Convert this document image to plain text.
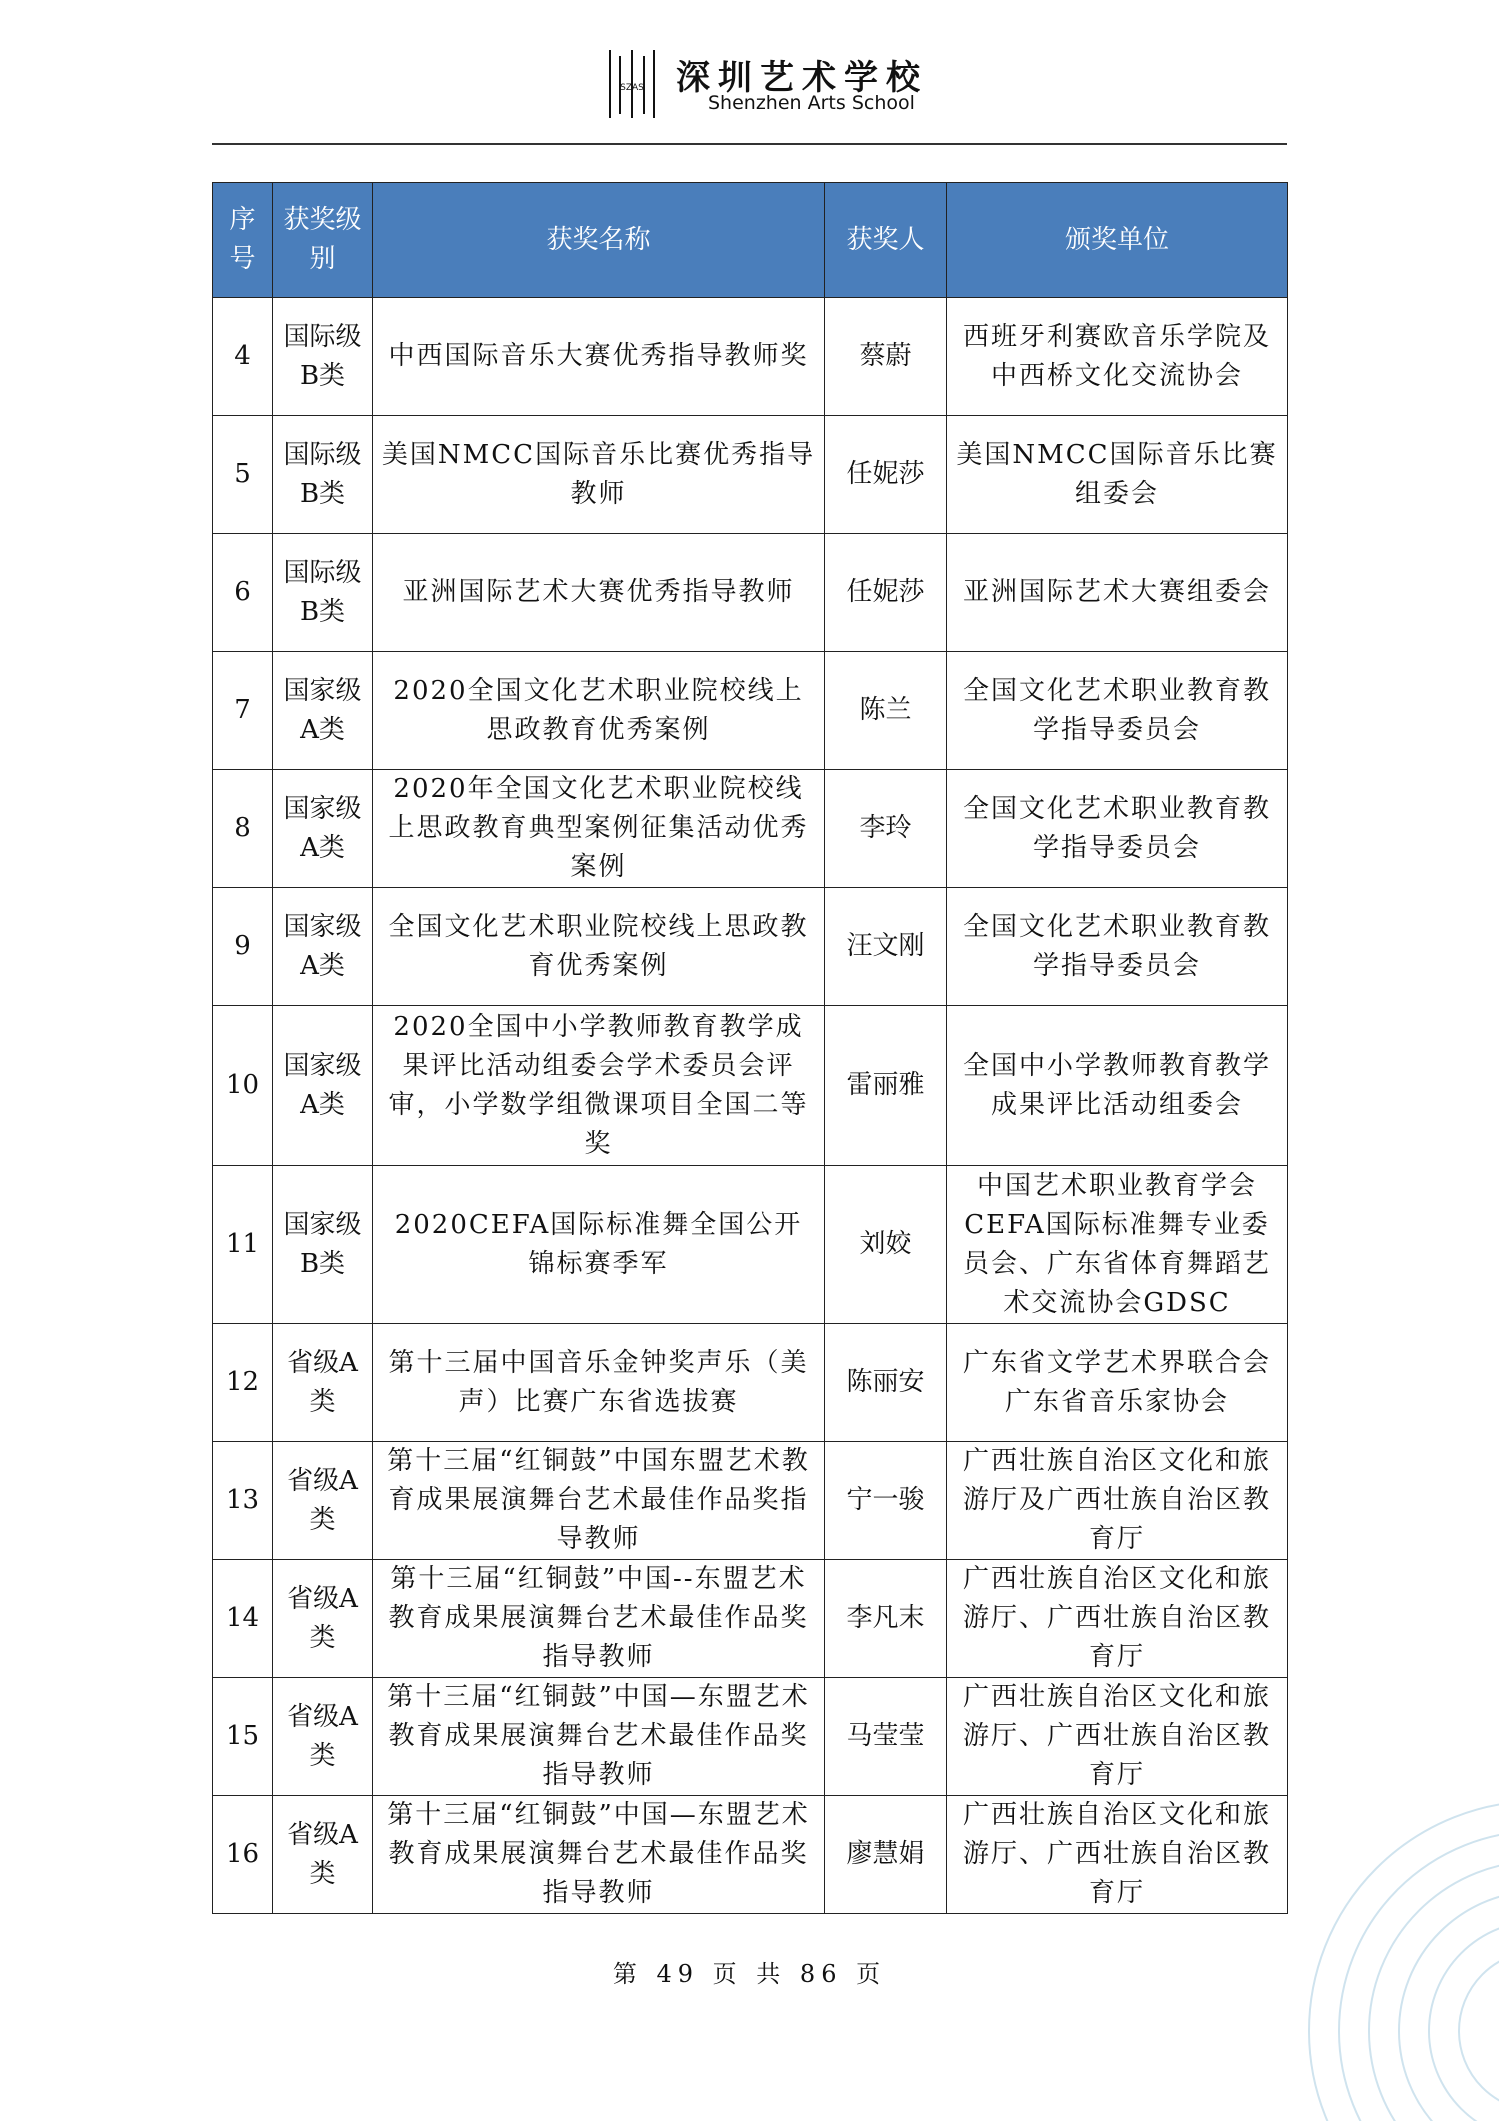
SZAS 深圳艺术学校
Shenzhen Arts School
序号	获奖级别	获奖名称	获奖人	颁奖单位
4	国际级B类	中西国际音乐大赛优秀指导教师奖	蔡蔚	西班牙利赛欧音乐学院及中西桥文化交流协会
5	国际级B类	美国NMCC国际音乐比赛优秀指导教师	任妮莎	美国NMCC国际音乐比赛组委会
6	国际级B类	亚洲国际艺术大赛优秀指导教师	任妮莎	亚洲国际艺术大赛组委会
7	国家级A类	2020全国文化艺术职业院校线上思政教育优秀案例	陈兰	全国文化艺术职业教育教学指导委员会
8	国家级A类	2020年全国文化艺术职业院校线上思政教育典型案例征集活动优秀案例	李玲	全国文化艺术职业教育教学指导委员会
9	国家级A类	全国文化艺术职业院校线上思政教育优秀案例	汪文刚	全国文化艺术职业教育教学指导委员会
10	国家级A类	2020全国中小学教师教育教学成果评比活动组委会学术委员会评审，小学数学组微课项目全国二等奖	雷丽雅	全国中小学教师教育教学成果评比活动组委会
11	国家级B类	2020CEFA国际标准舞全国公开锦标赛季军	刘姣	中国艺术职业教育学会CEFA国际标准舞专业委员会、广东省体育舞蹈艺术交流协会GDSC
12	省级A类	第十三届中国音乐金钟奖声乐（美声）比赛广东省选拔赛	陈丽安	广东省文学艺术界联合会 广东省音乐家协会
13	省级A类	第十三届“红铜鼓”中国东盟艺术教育成果展演舞台艺术最佳作品奖指导教师	宁一骏	广西壮族自治区文化和旅游厅及广西壮族自治区教育厅
14	省级A类	第十三届“红铜鼓”中国--东盟艺术教育成果展演舞台艺术最佳作品奖指导教师	李凡末	广西壮族自治区文化和旅游厅、广西壮族自治区教育厅
15	省级A类	第十三届“红铜鼓”中国—东盟艺术教育成果展演舞台艺术最佳作品奖指导教师	马莹莹	广西壮族自治区文化和旅游厅、广西壮族自治区教育厅
16	省级A类	第十三届“红铜鼓”中国—东盟艺术教育成果展演舞台艺术最佳作品奖指导教师	廖慧娟	广西壮族自治区文化和旅游厅、广西壮族自治区教育厅
第 49 页 共 86 页
